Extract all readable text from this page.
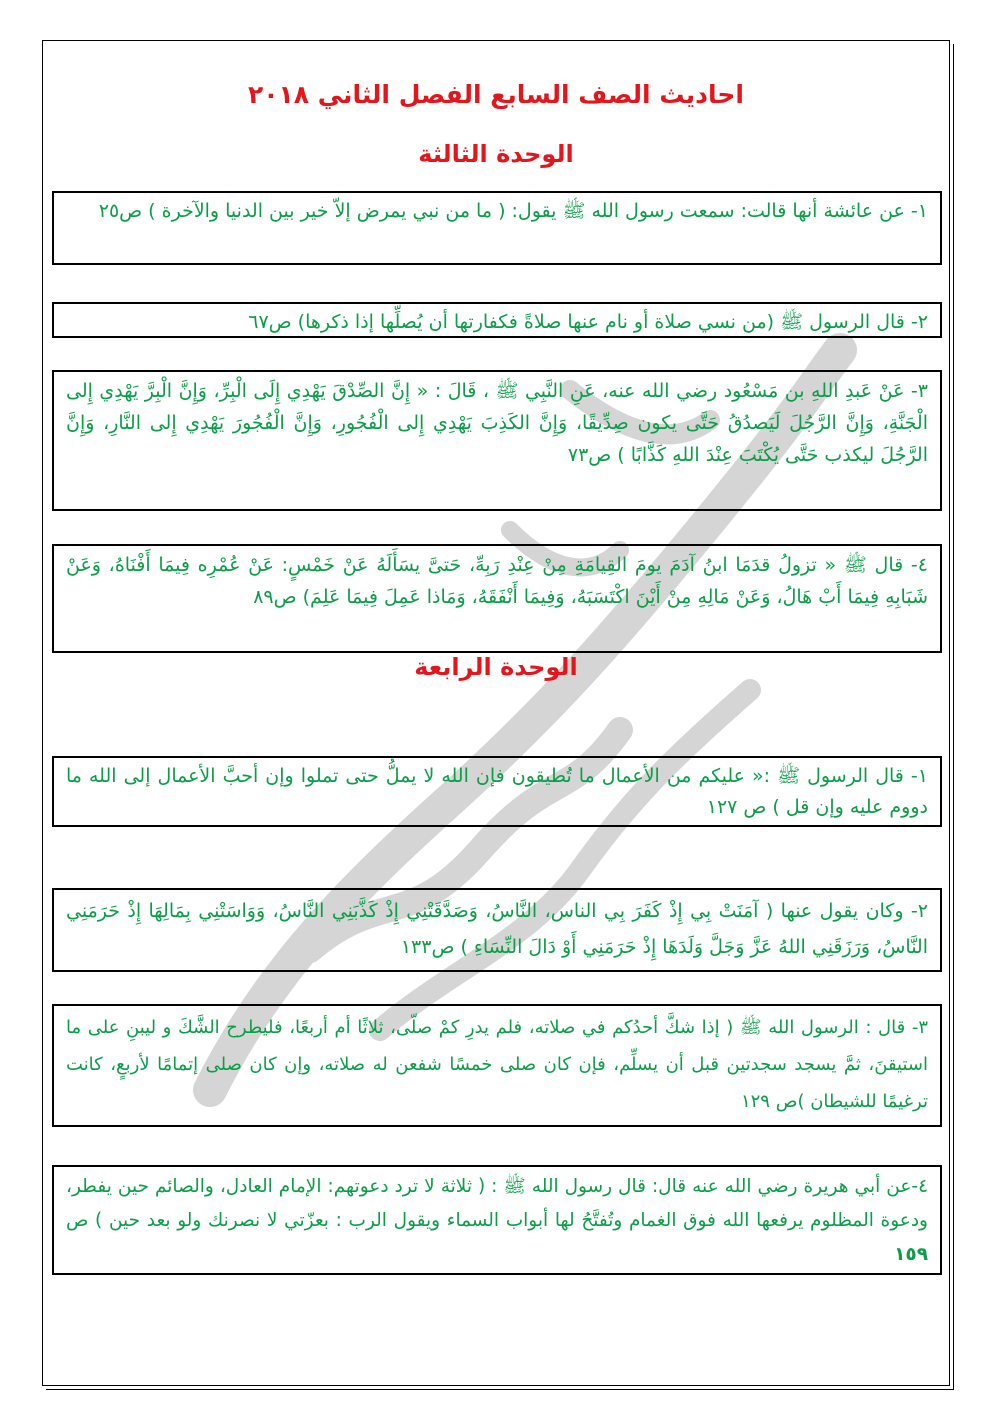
احاديث الصف السابع الفصل الثاني ٢٠١٨
الوحدة الثالثة

١- عن عائشة أنها قالت: سمعت رسول الله ﷺ يقول: ( ما من نبي يمرض إلاّ خير بين الدنيا والآخرة ) ص٢٥

٢- قال الرسول ﷺ (من نسي صلاة أو نام عنها صلاةً فكفارتها أن يُصلِّها إذا ذكرها) ص٦٧

٣- عَنْ عَبدِ اللهِ بن مَسْعُود رضي الله عنه، عَنِ النَّبِي ﷺ ، قَالَ : « إِنَّ الصِّدْقَ يَهْدِي إِلَى الْبِرِّ، وَإِنَّ الْبِرَّ يَهْدِي إِلى الْجَنَّةِ، وَإِنَّ الرَّجُلَ لَيَصدُقُ حَتَّى يكون صِدِّيقًا، وَإِنَّ الكَذِبَ يَهْدِي إِلى الْفُجُورِ، وَإِنَّ الْفُجُورَ يَهْدِي إِلى النَّارِ، وَإِنَّ الرَّجُلَ ليكذب حَتَّى يُكْتَبَ عِنْدَ اللهِ كَذَّابًا ) ص٧٣

٤- قال ﷺ « تزولُ قدَمَا ابنُ آدَمَ يومَ القِيامَةِ مِنْ عِنْدِ رَبِهِّ، حَتىَّ يسَأَلَهُ عَنْ خَمْسٍ: عَنْ عُمْرِه فِيمَا أَفْنَاهُ، وَعَنْ شَبَابِهِ فِيمَا أَبْ هَالُ، وَعَنْ مَالِهِ مِنْ أَيْنَ اكْتَسَبَهُ، وَفِيمَا أَنْفَقَهُ، وَمَاذا عَمِلَ فِيمَا عَلِمَ) ص٨٩

الوحدة الرابعة

١- قال الرسول ﷺ :« عليكم من الأعمال ما تُطيقون فإن الله لا يملُّ حتى تملوا وإن أحبَّ الأعمال إلى الله ما دووم عليه وإن قل ) ص ١٢٧

٢- وكان يقول عنها ( آمَنَتْ بِي إِذْ كَفَرَ بِي الناس، النَّاسُ، وَصَدَّقَتْنِي إِذْ كَذَّبَنِي النَّاسُ، وَوَاسَتْنِي بِمَالِهَا إِذْ حَرَمَنِي النَّاسُ، وَرَزَقَنِي اللهُ عَزَّ وَجَلَّ وَلَدَهَا إِذْ حَرَمَنِي أَوْ دَالَ النِّسَاءِ ) ص١٣٣

٣- قال : الرسول الله ﷺ ( إذا شكَّ أحدُكم في صلاته، فلم يدرِ كمْ صلّى، ثلاثًا أم أربعًا، فليطرح الشَّكَ و ليبنِ على ما استيقنَ، ثمَّ يسجد سجدتين قبل أن يسلِّم، فإن كان صلى خمسًا شفعن له صلاته، وإن كان صلى إتمامًا لأربعٍ، كانت ترغيمًا للشيطان )ص ١٢٩

٤-عن أبي هريرة رضي الله عنه قال: قال رسول الله ﷺ : ( ثلاثة لا ترد دعوتهم: الإمام العادل، والصائم حين يفطر، ودعوة المظلوم يرفعها الله فوق الغمام وتُفتَّحُ لها أبواب السماء ويقول الرب : بعزّتي لا نصرنك ولو بعد حين ) ص ١٥٩
